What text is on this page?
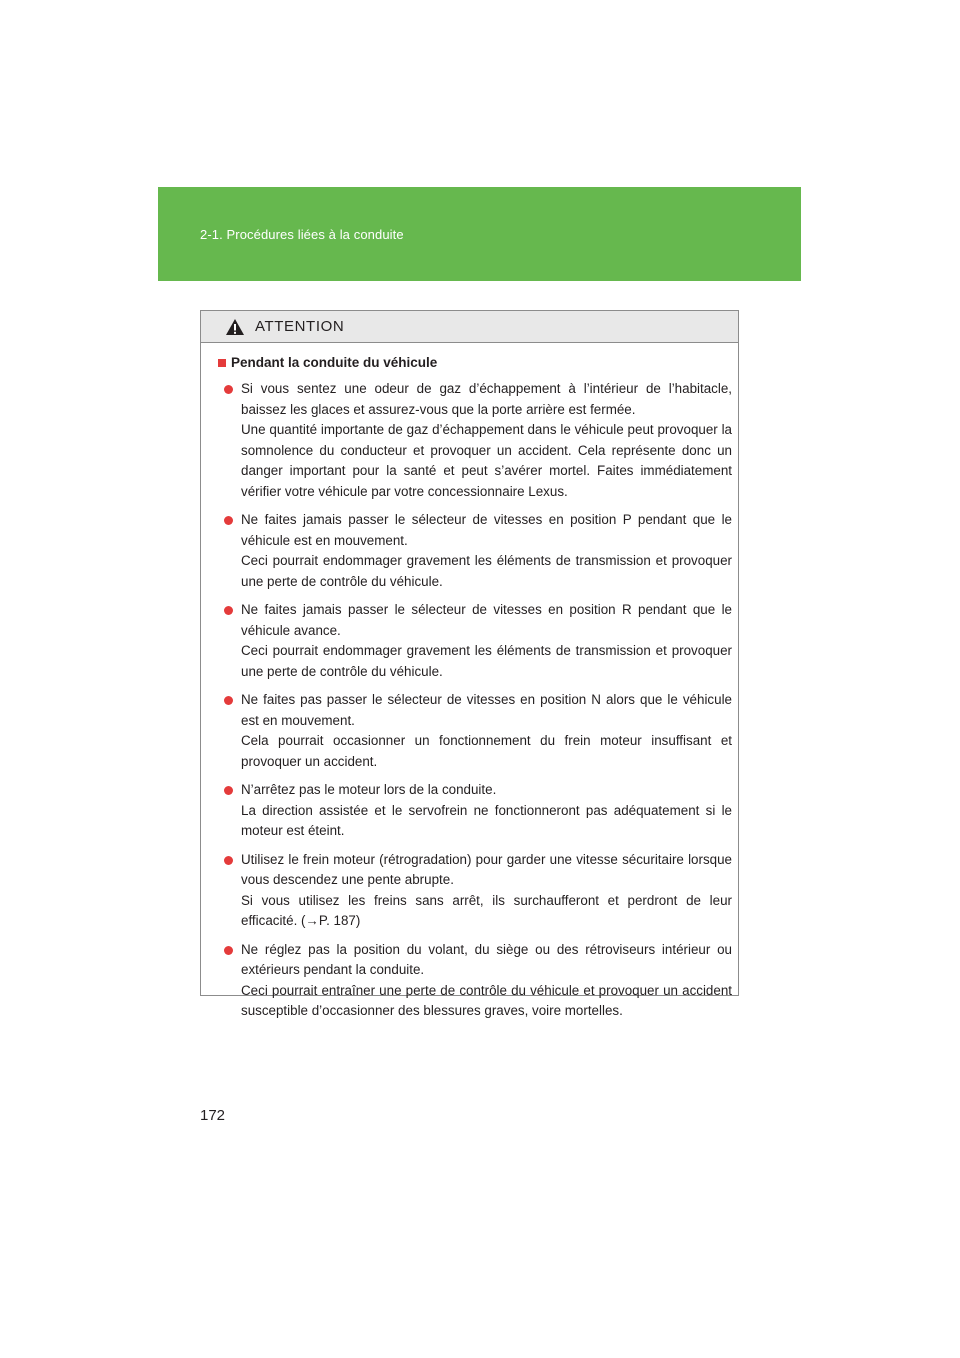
2-1. Procédures liées à la conduite
ATTENTION
Pendant la conduite du véhicule

Si vous sentez une odeur de gaz d’échappement à l’intérieur de l’habitacle, baissez les glaces et assurez-vous que la porte arrière est fermée.

Une quantité importante de gaz d’échappement dans le véhicule peut provoquer la somnolence du conducteur et provoquer un accident. Cela représente donc un danger important pour la santé et peut s’avérer mortel. Faites immédiatement vérifier votre véhicule par votre concessionnaire Lexus.

Ne faites jamais passer le sélecteur de vitesses en position P pendant que le véhicule est en mouvement.

Ceci pourrait endommager gravement les éléments de transmission et provoquer une perte de contrôle du véhicule.

Ne faites jamais passer le sélecteur de vitesses en position R pendant que le véhicule avance.

Ceci pourrait endommager gravement les éléments de transmission et provoquer une perte de contrôle du véhicule.

Ne faites pas passer le sélecteur de vitesses en position N alors que le véhicule est en mouvement.

Cela pourrait occasionner un fonctionnement du frein moteur insuffisant et provoquer un accident.

N’arrêtez pas le moteur lors de la conduite.

La direction assistée et le servofrein ne fonctionneront pas adéquatement si le moteur est éteint.

Utilisez le frein moteur (rétrogradation) pour garder une vitesse sécuritaire lorsque vous descendez une pente abrupte.

Si vous utilisez les freins sans arrêt, ils surchaufferont et perdront de leur efficacité. (→P. 187)

Ne réglez pas la position du volant, du siège ou des rétroviseurs intérieur ou extérieurs pendant la conduite.

Ceci pourrait entraîner une perte de contrôle du véhicule et provoquer un accident susceptible d’occasionner des blessures graves, voire mortelles.

172
